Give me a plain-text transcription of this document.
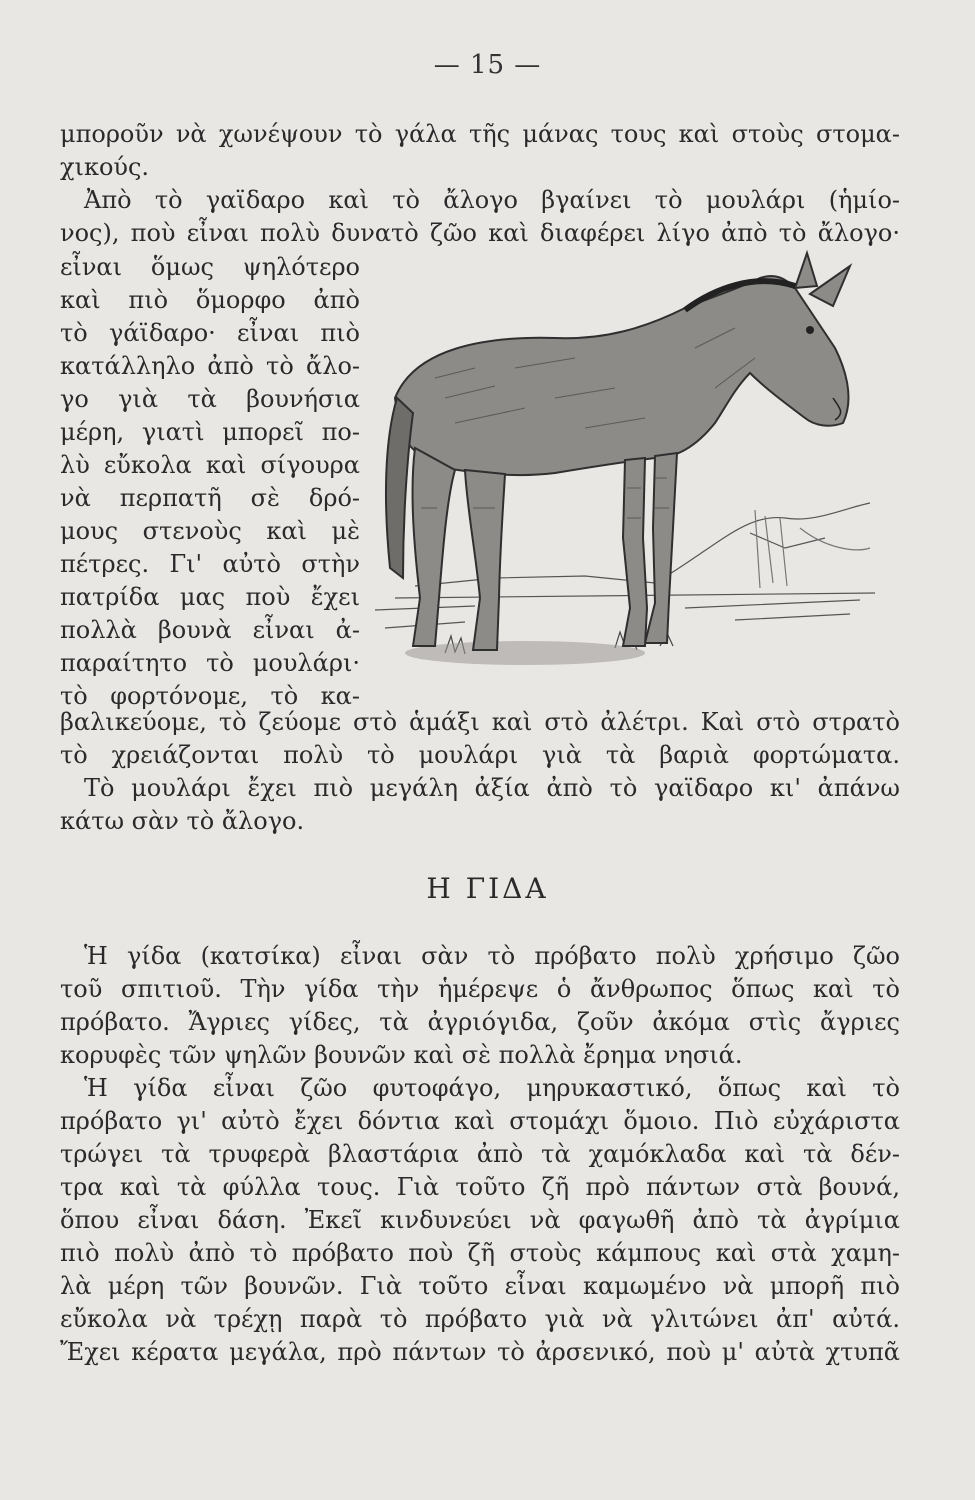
— 15 —
μποροῦν νὰ χωνέψουν τὸ γάλα τῆς μάνας τους καὶ στοὺς στομα-
χικούς.
Ἀπὸ τὸ γαϊδαρο καὶ τὸ ἄλογο βγαίνει τὸ μουλάρι (ἡμίο-
νος), ποὺ εἶναι πολὺ δυνατὸ ζῶο καὶ διαφέρει λίγο ἀπὸ τὸ ἄλογο·
εἶναι ὅμως ψηλότερο
καὶ πιὸ ὅμορφο ἀπὸ
τὸ γάϊδαρο· εἶναι πιὸ
κατάλληλο ἀπὸ τὸ ἄλο-
γο γιὰ τὰ βουνήσια
μέρη, γιατὶ μπορεῖ πο-
λὺ εὔκολα καὶ σίγουρα
νὰ περπατῆ σὲ δρό-
μους στενοὺς καὶ μὲ
πέτρες. Γι' αὐτὸ στὴν
πατρίδα μας ποὺ ἔχει
πολλὰ βουνὰ εἶναι ἀ-
παραίτητο τὸ μουλάρι·
τὸ φορτόνομε, τὸ κα-
βαλικεύομε, τὸ ζεύομε στὸ ἁμάξι καὶ στὸ ἀλέτρι. Καὶ στὸ στρατὸ
τὸ χρειάζονται πολὺ τὸ μουλάρι γιὰ τὰ βαριὰ φορτώματα.
Τὸ μουλάρι ἔχει πιὸ μεγάλη ἀξία ἀπὸ τὸ γαϊδαρο κι' ἀπάνω
κάτω σὰν τὸ ἄλογο.
Η ΓΙΔΑ
Ἡ γίδα (κατσίκα) εἶναι σὰν τὸ πρόβατο πολὺ χρήσιμο ζῶο
τοῦ σπιτιοῦ. Τὴν γίδα τὴν ἡμέρεψε ὁ ἄνθρωπος ὅπως καὶ τὸ
πρόβατο. Ἄγριες γίδες, τὰ ἀγριόγιδα, ζοῦν ἀκόμα στὶς ἄγριες
κορυφὲς τῶν ψηλῶν βουνῶν καὶ σὲ πολλὰ ἔρημα νησιά.
Ἡ γίδα εἶναι ζῶο φυτοφάγο, μηρυκαστικό, ὅπως καὶ τὸ
πρόβατο γι' αὐτὸ ἔχει δόντια καὶ στομάχι ὅμοιο. Πιὸ εὐχάριστα
τρώγει τὰ τρυφερὰ βλαστάρια ἀπὸ τὰ χαμόκλαδα καὶ τὰ δέν-
τρα καὶ τὰ φύλλα τους. Γιὰ τοῦτο ζῆ πρὸ πάντων στὰ βουνά,
ὅπου εἶναι δάση. Ἐκεῖ κινδυνεύει νὰ φαγωθῆ ἀπὸ τὰ ἀγρίμια
πιὸ πολὺ ἀπὸ τὸ πρόβατο ποὺ ζῆ στοὺς κάμπους καὶ στὰ χαμη-
λὰ μέρη τῶν βουνῶν. Γιὰ τοῦτο εἶναι καμωμένο νὰ μπορῆ πιὸ
εὔκολα νὰ τρέχῃ παρὰ τὸ πρόβατο γιὰ νὰ γλιτώνει ἀπ' αὐτά.
Ἔχει κέρατα μεγάλα, πρὸ πάντων τὸ ἀρσενικό, ποὺ μ' αὐτὰ χτυπᾶ
